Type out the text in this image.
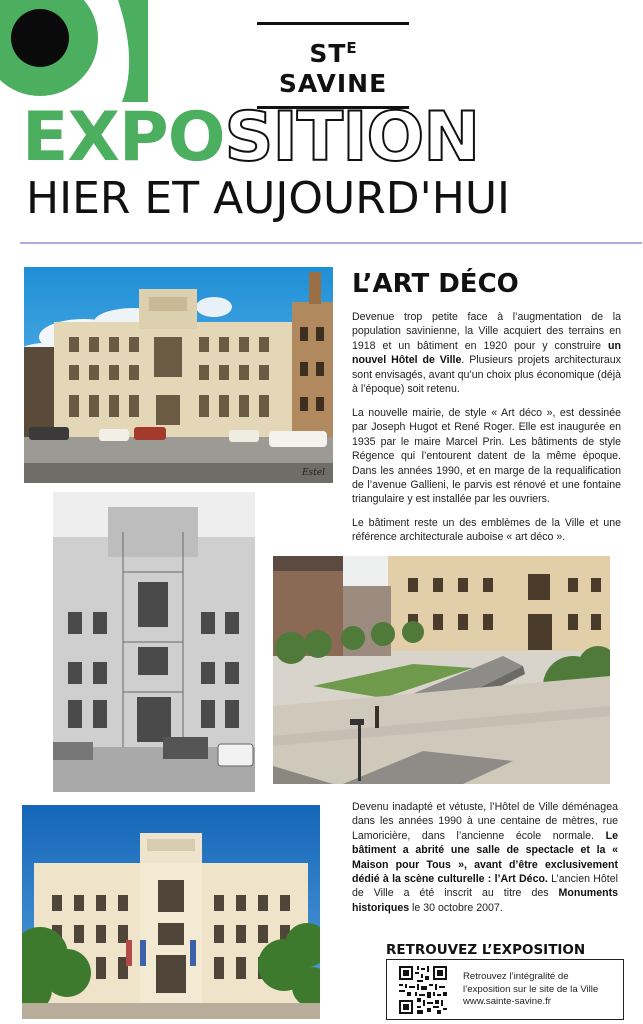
$ST^E$ SAVINE
EXPOSITION
HIER ET AUJOURD'HUI
Estel
L’ART DÉCO

Devenue trop petite face à l’augmentation de la population savinienne, la Ville acquiert des terrains en 1918 et un bâtiment en 1920 pour y construire un nouvel Hôtel de Ville. Plusieurs projets architecturaux sont envisagés, avant qu’un choix plus économique (déjà à l’époque) soit retenu.

La nouvelle mairie, de style « Art déco », est dessinée par Joseph Hugot et René Roger. Elle est inaugurée en 1935 par le maire Marcel Prin. Les bâtiments de style Régence qui l’entourent datent de la même époque. Dans les années 1990, et en marge de la requalification de l’avenue Gallieni, le parvis est rénové et une fontaine triangulaire y est installée par les ouvriers.

Le bâtiment reste un des emblèmes de la Ville et une référence architecturale auboise « art déco ».

Devenu inadapté et vétuste, l’Hôtel de Ville déménagea dans les années 1990 à une centaine de mètres, rue Lamoricière, dans l’ancienne école normale. Le bâtiment a abrité une salle de spectacle et la « Maison pour Tous », avant d’être exclusivement dédié à la scène culturelle : l’Art Déco. L’ancien Hôtel de Ville a été inscrit au titre des Monuments historiques le 30 octobre 2007.

RETROUVEZ L’EXPOSITION
Retrouvez l’intégralité de
l’exposition sur le site de la Ville
www.sainte-savine.fr
